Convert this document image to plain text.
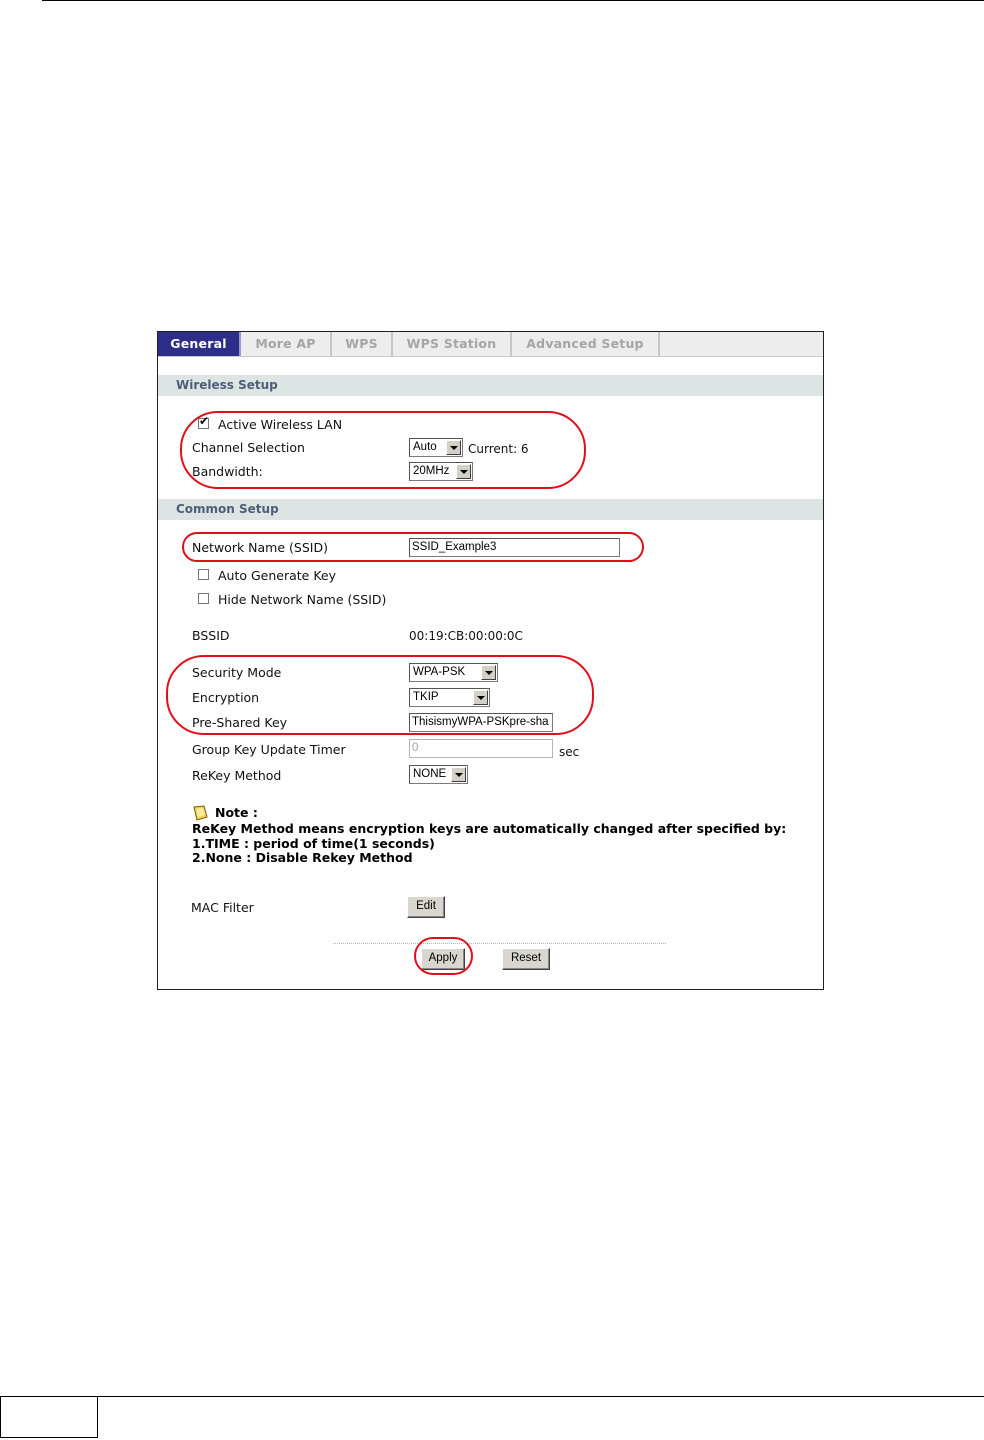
General	More AP	WPS	WPS Station	Advanced Setup
Wireless Setup
✔ Active Wireless LAN
Channel Selection	Auto	Current: 6
Bandwidth:	20MHz
Common Setup
Network Name (SSID)	SSID_Example3
Auto Generate Key
Hide Network Name (SSID)
BSSID	00:19:CB:00:00:0C
Security Mode	WPA-PSK
Encryption	TKIP
Pre-Shared Key	ThisismyWPA-PSKpre-sha
Group Key Update Timer	0	sec
ReKey Method	NONE
Note :
ReKey Method means encryption keys are automatically changed after specified by:
1.TIME : period of time(1 seconds)
2.None : Disable Rekey Method
MAC Filter	Edit
Apply	Reset
